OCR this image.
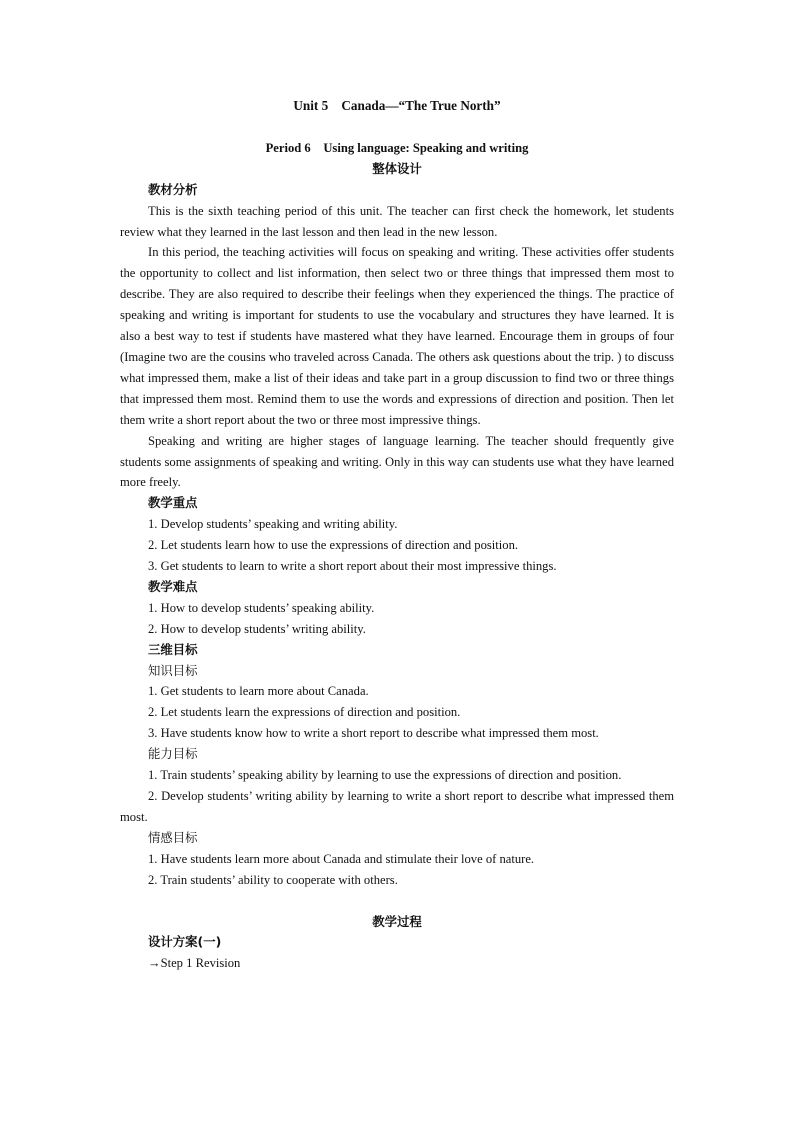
Unit 5　Canada—“The True North”
Period 6　Using language: Speaking and writing
整体设计
教材分析
This is the sixth teaching period of this unit. The teacher can first check the homework, let students review what they learned in the last lesson and then lead in the new lesson.
In this period, the teaching activities will focus on speaking and writing. These activities offer students the opportunity to collect and list information, then select two or three things that impressed them most to describe. They are also required to describe their feelings when they experienced the things. The practice of speaking and writing is important for students to use the vocabulary and structures they have learned. It is also a best way to test if students have mastered what they have learned. Encourage them in groups of four (Imagine two are the cousins who traveled across Canada. The others ask questions about the trip. ) to discuss what impressed them, make a list of their ideas and take part in a group discussion to find two or three things that impressed them most. Remind them to use the words and expressions of direction and position. Then let them write a short report about the two or three most impressive things.
Speaking and writing are higher stages of language learning. The teacher should frequently give students some assignments of speaking and writing. Only in this way can students use what they have learned more freely.
教学重点
1. Develop students’ speaking and writing ability.
2. Let students learn how to use the expressions of direction and position.
3. Get students to learn to write a short report about their most impressive things.
教学难点
1. How to develop students’ speaking ability.
2. How to develop students’ writing ability.
三维目标
知识目标
1. Get students to learn more about Canada.
2. Let students learn the expressions of direction and position.
3. Have students know how to write a short report to describe what impressed them most.
能力目标
1. Train students’ speaking ability by learning to use the expressions of direction and position.
2. Develop students’ writing ability by learning to write a short report to describe what impressed them most.
情感目标
1. Have students learn more about Canada and stimulate their love of nature.
2. Train students’ ability to cooperate with others.
教学过程
设计方案(一)
→Step 1 Revision
